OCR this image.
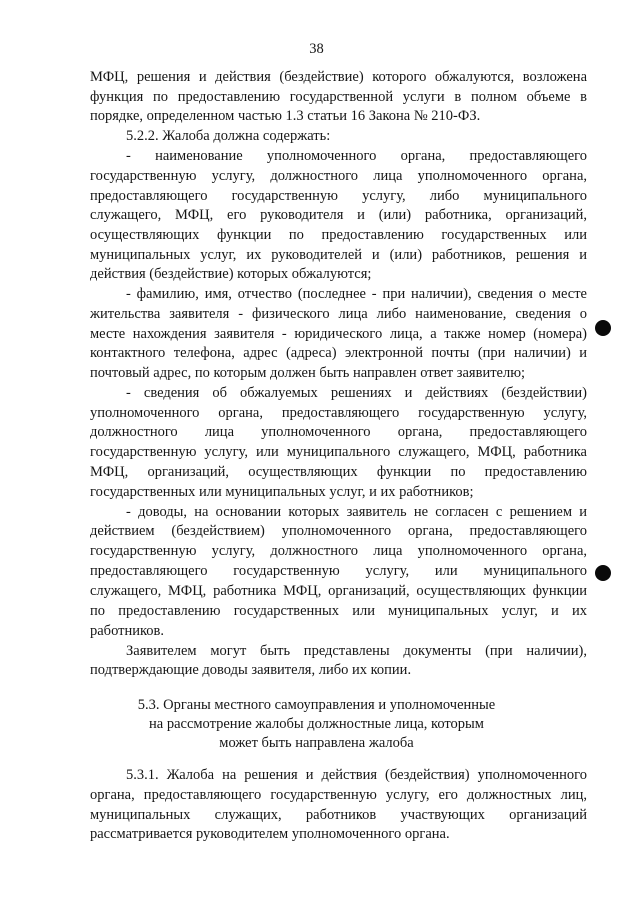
38
МФЦ, решения и действия (бездействие) которого обжалуются, возложена
функция по предоставлению государственной услуги в полном объеме в
порядке, определенном частью 1.3 статьи 16 Закона № 210-ФЗ.
5.2.2. Жалоба должна содержать:
- наименование уполномоченного органа, предоставляющего
государственную услугу, должностного лица уполномоченного органа,
предоставляющего государственную услугу, либо муниципального
служащего, МФЦ, его руководителя и (или) работника, организаций,
осуществляющих функции по предоставлению государственных или
муниципальных услуг, их руководителей и (или) работников, решения и
действия (бездействие) которых обжалуются;
- фамилию, имя, отчество (последнее - при наличии), сведения о месте
жительства заявителя - физического лица либо наименование, сведения о
месте нахождения заявителя - юридического лица, а также номер (номера)
контактного телефона, адрес (адреса) электронной почты (при наличии) и
почтовый адрес, по которым должен быть направлен ответ заявителю;
- сведения об обжалуемых решениях и действиях (бездействии)
уполномоченного органа, предоставляющего государственную услугу,
должностного лица уполномоченного органа, предоставляющего
государственную услугу, или муниципального служащего, МФЦ, работника
МФЦ, организаций, осуществляющих функции по предоставлению
государственных или муниципальных услуг, и их работников;
- доводы, на основании которых заявитель не согласен с решением и
действием (бездействием) уполномоченного органа, предоставляющего
государственную услугу, должностного лица уполномоченного органа,
предоставляющего государственную услугу, или муниципального
служащего, МФЦ, работника МФЦ, организаций, осуществляющих функции
по предоставлению государственных или муниципальных услуг, и их
работников.
Заявителем могут быть представлены документы (при наличии),
подтверждающие доводы заявителя, либо их копии.
5.3. Органы местного самоуправления и уполномоченные
на рассмотрение жалобы должностные лица, которым
может быть направлена жалоба
5.3.1. Жалоба на решения и действия (бездействия) уполномоченного
органа, предоставляющего государственную услугу, его должностных лиц,
муниципальных служащих, работников участвующих организаций
рассматривается руководителем уполномоченного органа.
